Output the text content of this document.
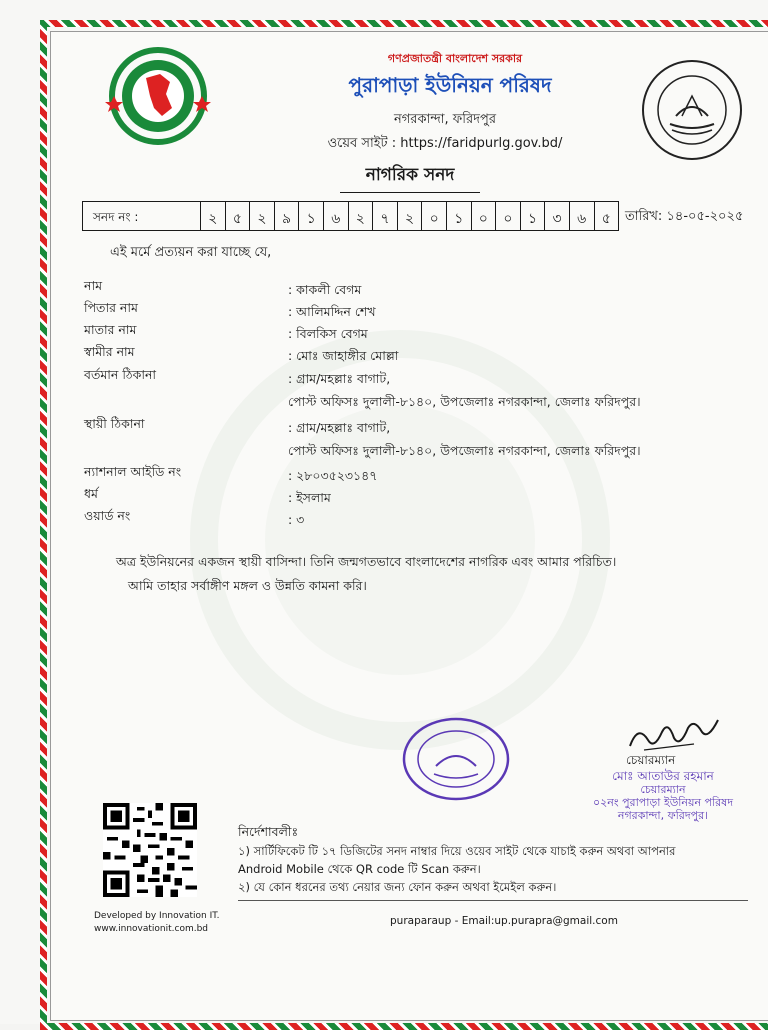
গণপ্রজাতন্ত্রী বাংলাদেশ সরকার
পুরাপাড়া ইউনিয়ন পরিষদ
নগরকান্দা, ফরিদপুর
ওয়েব সাইট : https://faridpurlg.gov.bd/
নাগরিক সনদ
সনদ নং :	২	৫	২	৯	১	৬	২	৭	২	০	১	০	০	১	৩	৬	৫	তারিখ: ১৪-০৫-২০২৫
এই মর্মে প্রত্যয়ন করা যাচ্ছে যে,
নাম	: কাকলী বেগম
পিতার নাম	: আলিমদ্দিন শেখ
মাতার নাম	: বিলকিস বেগম
স্বামীর নাম	: মোঃ জাহাঙ্গীর মোল্লা
বর্তমান ঠিকানা	: গ্রাম/মহল্লাঃ বাগাট,
পোস্ট অফিসঃ দুলালী-৮১৪০, উপজেলাঃ নগরকান্দা, জেলাঃ ফরিদপুর।
স্থায়ী ঠিকানা	: গ্রাম/মহল্লাঃ বাগাট,
পোস্ট অফিসঃ দুলালী-৮১৪০, উপজেলাঃ নগরকান্দা, জেলাঃ ফরিদপুর।
ন্যাশনাল আইডি নং	: ২৮০৩৫২৩১৪৭
ধর্ম	: ইসলাম
ওয়ার্ড নং	: ৩
অত্র ইউনিয়নের একজন স্থায়ী বাসিন্দা। তিনি জন্মগতভাবে বাংলাদেশের নাগরিক এবং আমার পরিচিত।
আমি তাহার সর্বাঙ্গীণ মঙ্গল ও উন্নতি কামনা করি।
চেয়ারম্যান
মোঃ আতাউর রহমান
চেয়ারম্যান
০২নং পুরাপাড়া ইউনিয়ন পরিষদ
নগরকান্দা, ফরিদপুর।
Developed by Innovation IT.
www.innovationit.com.bd
নির্দেশাবলীঃ
১) সার্টিফিকেট টি ১৭ ডিজিটের সনদ নাম্বার দিয়ে ওয়েব সাইট থেকে যাচাই করুন অথবা আপনার
Android Mobile থেকে QR code টি Scan করুন।
২) যে কোন ধরনের তথ্য নেয়ার জন্য ফোন করুন অথবা ইমেইল করুন।
puraparaup - Email:up.purapra@gmail.com
